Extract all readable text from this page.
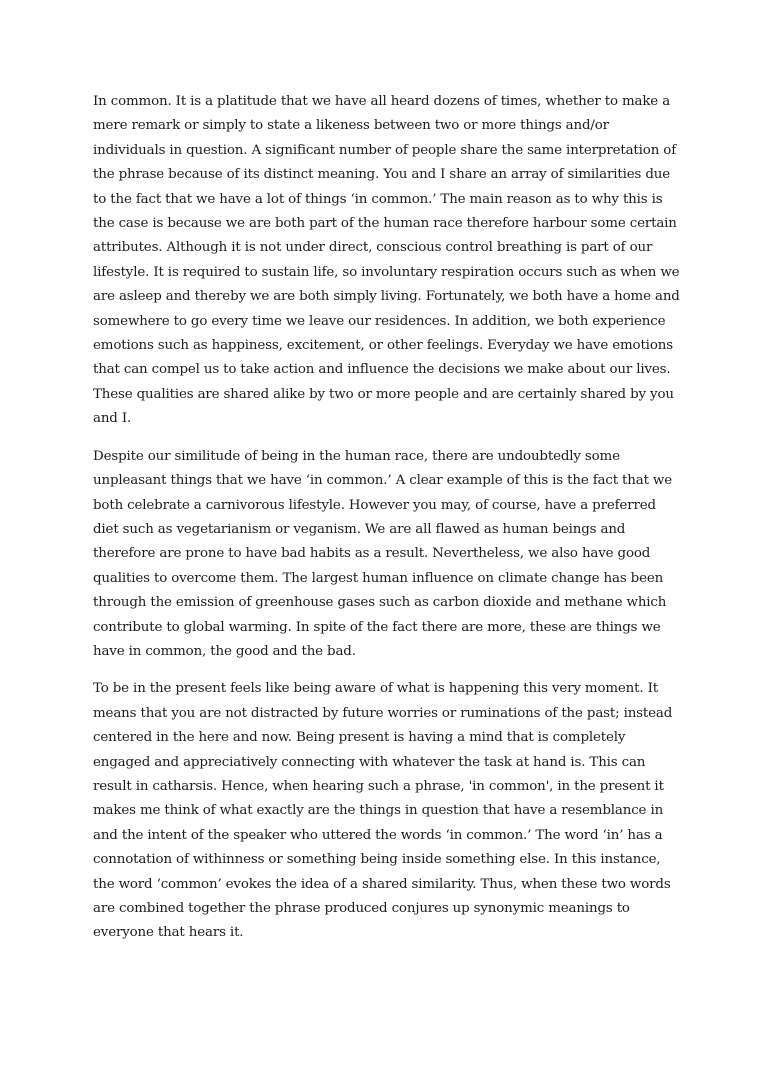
In common. It is a platitude that we have all heard dozens of times, whether to make a mere remark or simply to state a likeness between two or more things and/or individuals in question. A significant number of people share the same interpretation of the phrase because of its distinct meaning. You and I share an array of similarities due to the fact that we have a lot of things ‘in common.’ The main reason as to why this is the case is because we are both part of the human race therefore harbour some certain attributes. Although it is not under direct, conscious control breathing is part of our lifestyle. It is required to sustain life, so involuntary respiration occurs such as when we are asleep and thereby we are both simply living. Fortunately, we both have a home and somewhere to go every time we leave our residences. In addition, we both experience emotions such as happiness, excitement, or other feelings. Everyday we have emotions that can compel us to take action and influence the decisions we make about our lives. These qualities are shared alike by two or more people and are certainly shared by you and I.

Despite our similitude of being in the human race, there are undoubtedly some unpleasant things that we have ‘in common.’ A clear example of this is the fact that we both celebrate a carnivorous lifestyle. However you may, of course, have a preferred diet such as vegetarianism or veganism. We are all flawed as human beings and therefore are prone to have bad habits as a result. Nevertheless, we also have good qualities to overcome them. The largest human influence on climate change has been through the emission of greenhouse gases such as carbon dioxide and methane which contribute to global warming. In spite of the fact there are more, these are things we have in common, the good and the bad.

To be in the present feels like being aware of what is happening this very moment. It means that you are not distracted by future worries or ruminations of the past; instead centered in the here and now. Being present is having a mind that is completely engaged and appreciatively connecting with whatever the task at hand is. This can result in catharsis. Hence, when hearing such a phrase, 'in common', in the present it makes me think of what exactly are the things in question that have a resemblance in and the intent of the speaker who uttered the words ‘in common.’ The word ‘in’ has a connotation of withinness or something being inside something else. In this instance, the word ‘common’ evokes the idea of a shared similarity. Thus, when these two words are combined together the phrase produced conjures up synonymic meanings to everyone that hears it.
